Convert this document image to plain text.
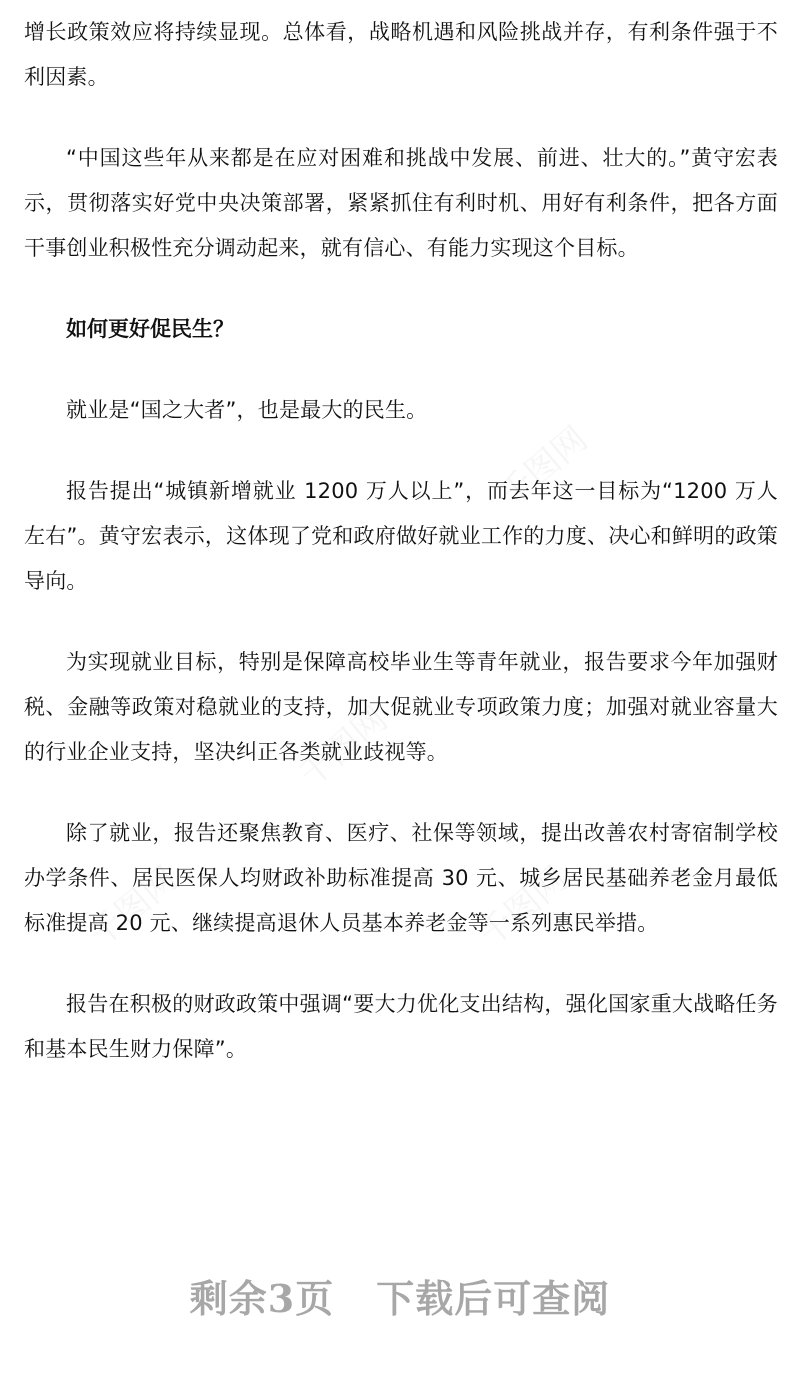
千图网
千图网
千图网	千图网

增长政策效应将持续显现。总体看，战略机遇和风险挑战并存，有利条件强于不利因素。

“中国这些年从来都是在应对困难和挑战中发展、前进、壮大的。”黄守宏表示，贯彻落实好党中央决策部署，紧紧抓住有利时机、用好有利条件，把各方面干事创业积极性充分调动起来，就有信心、有能力实现这个目标。

如何更好促民生？

就业是“国之大者”，也是最大的民生。

报告提出“城镇新增就业 1200 万人以上”，而去年这一目标为“1200 万人左右”。黄守宏表示，这体现了党和政府做好就业工作的力度、决心和鲜明的政策导向。

为实现就业目标，特别是保障高校毕业生等青年就业，报告要求今年加强财税、金融等政策对稳就业的支持，加大促就业专项政策力度；加强对就业容量大的行业企业支持，坚决纠正各类就业歧视等。

除了就业，报告还聚焦教育、医疗、社保等领域，提出改善农村寄宿制学校办学条件、居民医保人均财政补助标准提高 30 元、城乡居民基础养老金月最低标准提高 20 元、继续提高退休人员基本养老金等一系列惠民举措。

报告在积极的财政政策中强调“要大力优化支出结构，强化国家重大战略任务和基本民生财力保障”。

剩余3页 下载后可查阅
